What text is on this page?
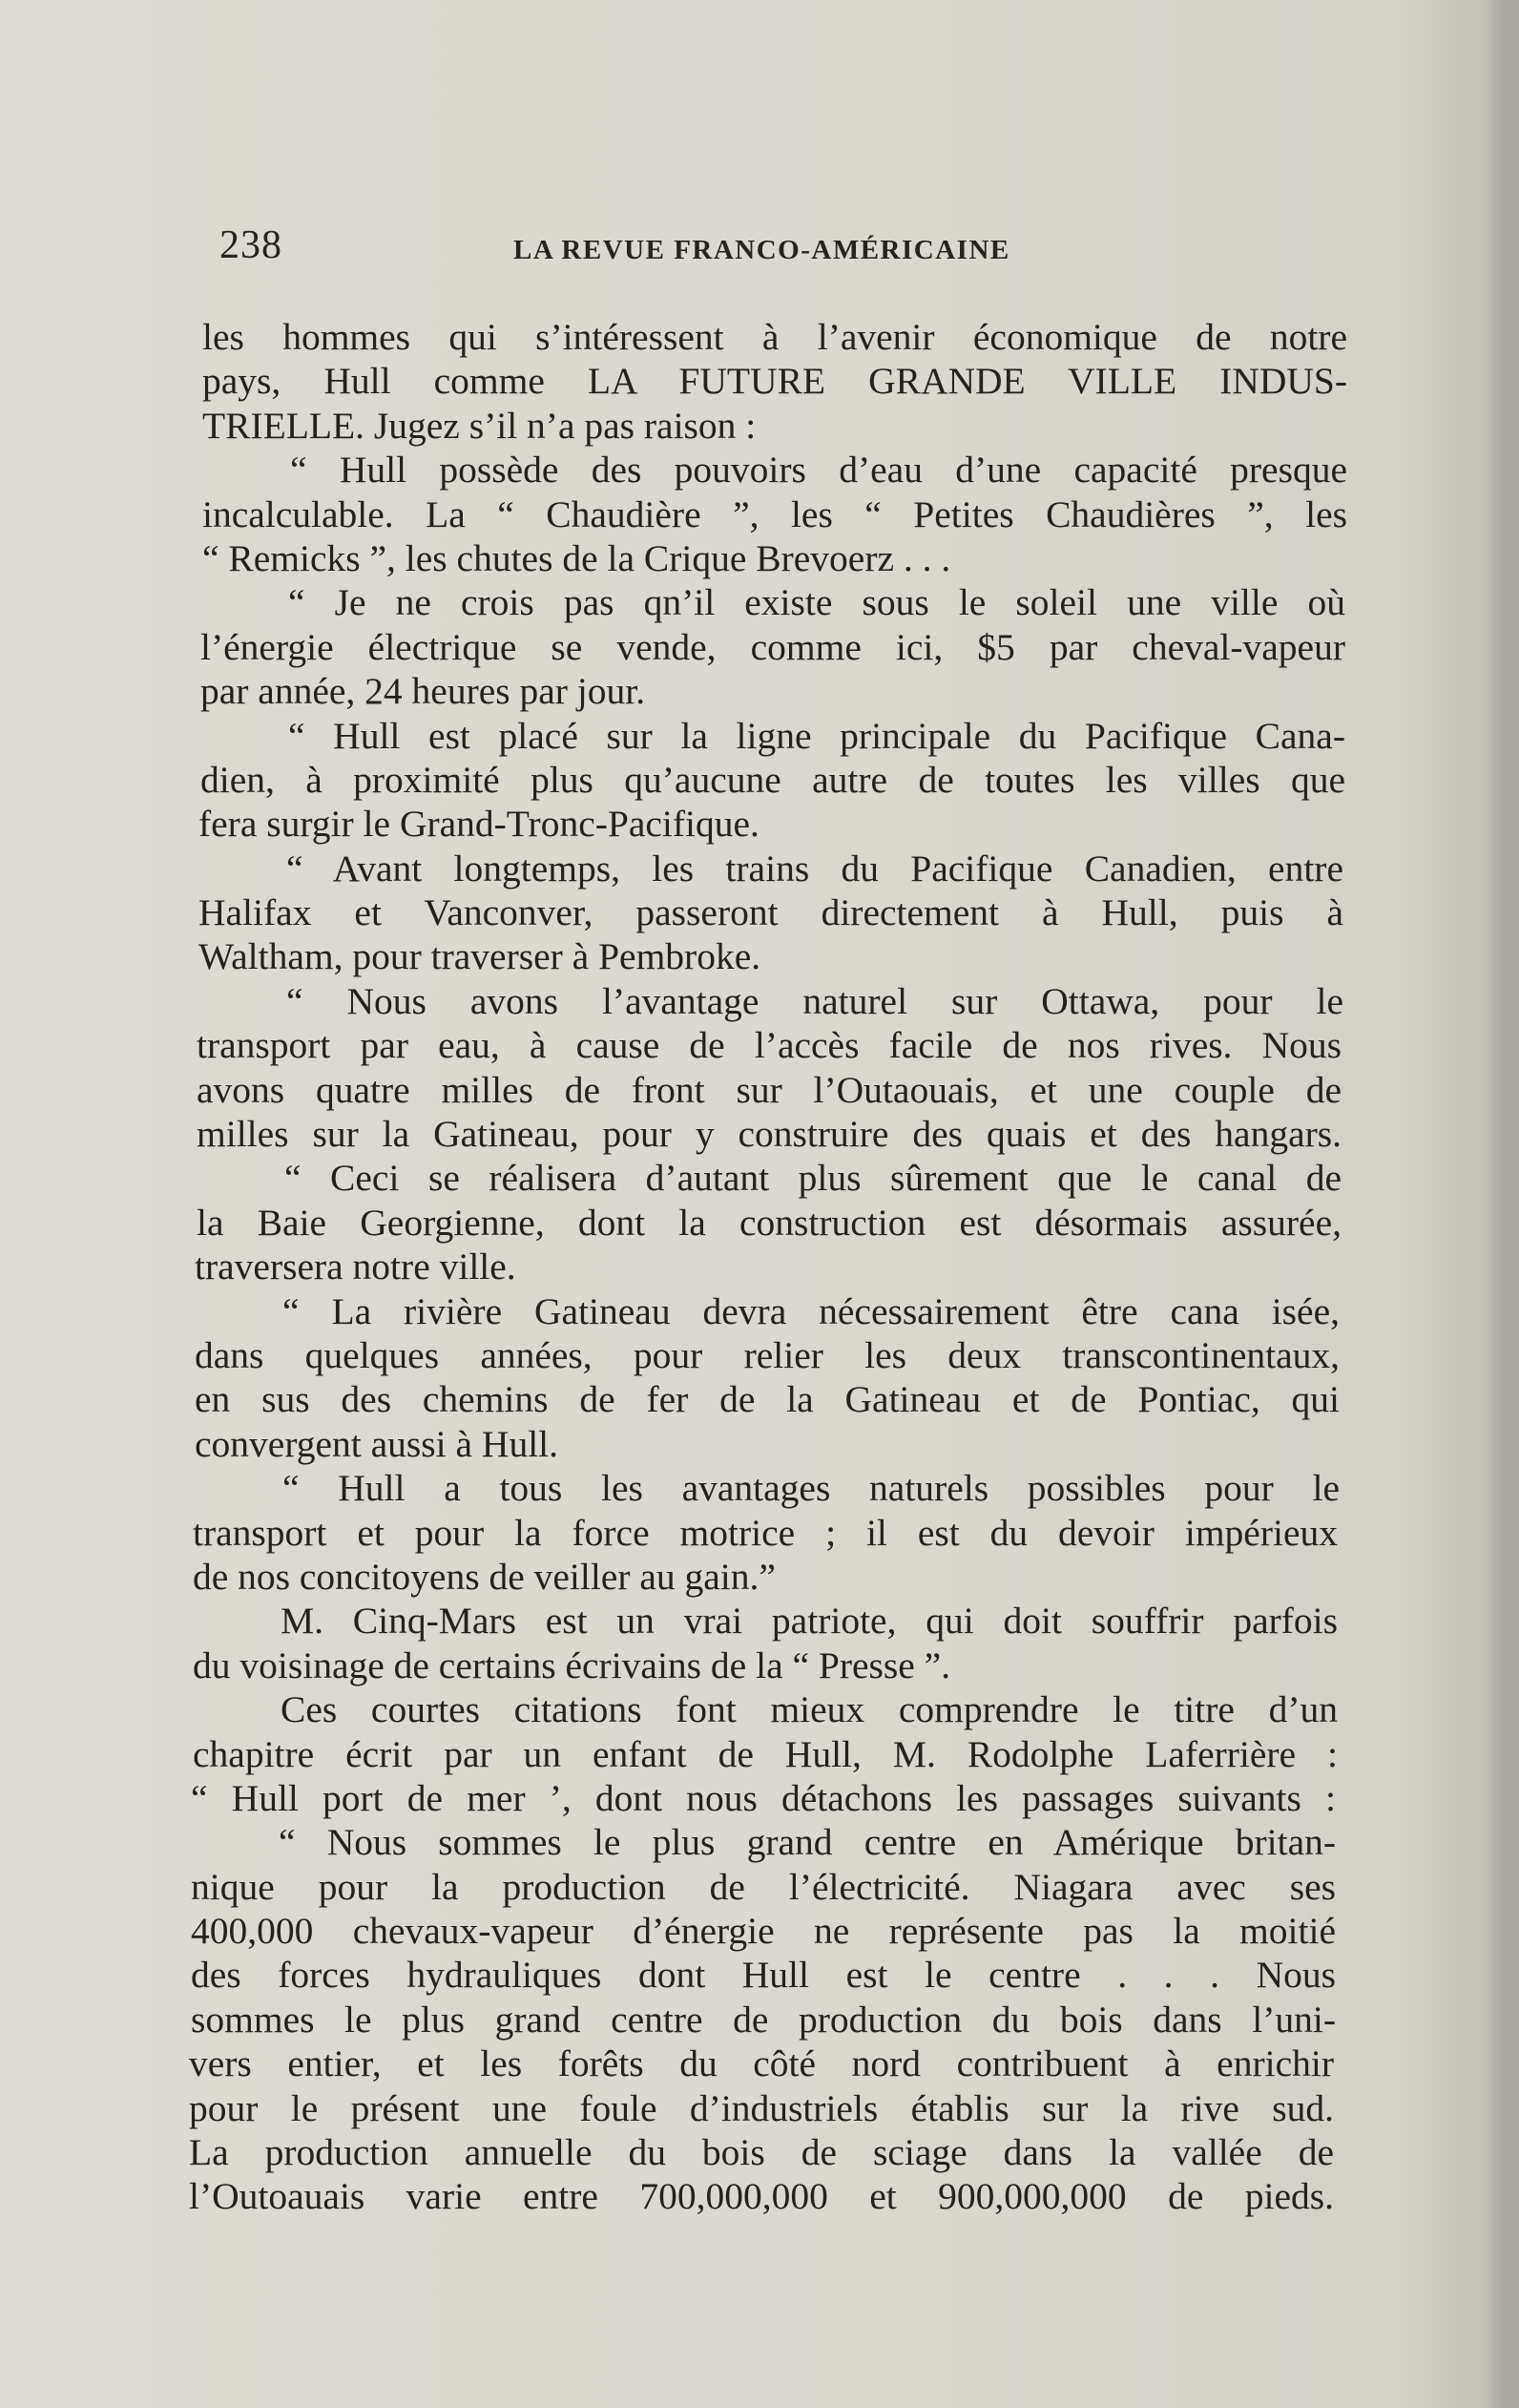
238	LA REVUE FRANCO-AMÉRICAINE
les hommes qui s’intéressent à l’avenir économique de notre
pays, Hull comme LA FUTURE GRANDE VILLE INDUS-
TRIELLE. Jugez s’il n’a pas raison :
“ Hull possède des pouvoirs d’eau d’une capacité presque
incalculable. La “ Chaudière ”, les “ Petites Chaudières ”, les
“ Remicks ”, les chutes de la Crique Brevoerz . . .
“ Je ne crois pas qn’il existe sous le soleil une ville où
l’énergie électrique se vende, comme ici, $5 par cheval-vapeur
par année, 24 heures par jour.
“ Hull est placé sur la ligne principale du Pacifique Cana-
dien, à proximité plus qu’aucune autre de toutes les villes que
fera surgir le Grand-Tronc-Pacifique.
“ Avant longtemps, les trains du Pacifique Canadien, entre
Halifax et Vanconver, passeront directement à Hull, puis à
Waltham, pour traverser à Pembroke.
“ Nous avons l’avantage naturel sur Ottawa, pour le
transport par eau, à cause de l’accès facile de nos rives. Nous
avons quatre milles de front sur l’Outaouais, et une couple de
milles sur la Gatineau, pour y construire des quais et des hangars.
“ Ceci se réalisera d’autant plus sûrement que le canal de
la Baie Georgienne, dont la construction est désormais assurée,
traversera notre ville.
“ La rivière Gatineau devra nécessairement être cana isée,
dans quelques années, pour relier les deux transcontinentaux,
en sus des chemins de fer de la Gatineau et de Pontiac, qui
convergent aussi à Hull.
“ Hull a tous les avantages naturels possibles pour le
transport et pour la force motrice ; il est du devoir impérieux
de nos concitoyens de veiller au gain.”
M. Cinq-Mars est un vrai patriote, qui doit souffrir parfois
du voisinage de certains écrivains de la “ Presse ”.
Ces courtes citations font mieux comprendre le titre d’un
chapitre écrit par un enfant de Hull, M. Rodolphe Laferrière :
“ Hull port de mer ’, dont nous détachons les passages suivants :
“ Nous sommes le plus grand centre en Amérique britan-
nique pour la production de l’électricité. Niagara avec ses
400,000 chevaux-vapeur d’énergie ne représente pas la moitié
des forces hydrauliques dont Hull est le centre . . . Nous
sommes le plus grand centre de production du bois dans l’uni-
vers entier, et les forêts du côté nord contribuent à enrichir
pour le présent une foule d’industriels établis sur la rive sud.
La production annuelle du bois de sciage dans la vallée de
l’Outoauais varie entre 700,000,000 et 900,000,000 de pieds.
